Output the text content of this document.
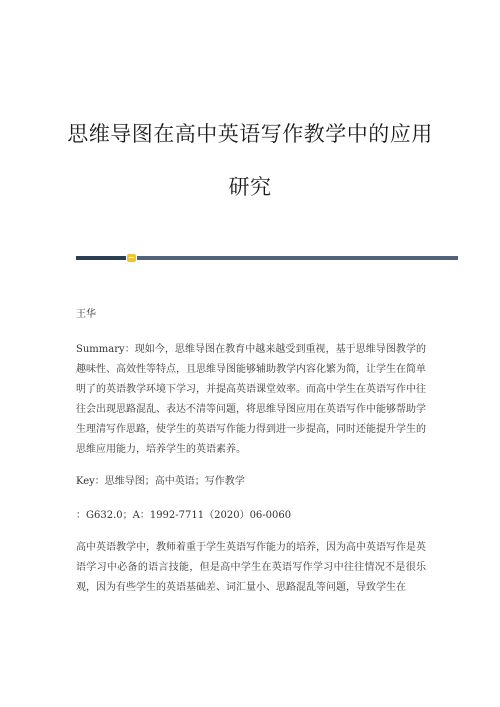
思维导图在高中英语写作教学中的应用
研究

王华

Summary：现如今，思维导图在教育中越来越受到重视，基于思维导图教学的趣味性、高效性等特点，且思维导图能够辅助教学内容化繁为简，让学生在简单明了的英语教学环境下学习，并提高英语课堂效率。而高中学生在英语写作中往往会出现思路混乱、表达不清等问题，将思维导图应用在英语写作中能够帮助学生理清写作思路，使学生的英语写作能力得到进一步提高，同时还能提升学生的思维应用能力，培养学生的英语素养。

Key：思维导图；高中英语；写作教学

：G632.0；A：1992-7711（2020）06-0060

高中英语教学中，教师着重于学生英语写作能力的培养，因为高中英语写作是英语学习中必备的语言技能，但是高中学生在英语写作学习中往往情况不是很乐观，因为有些学生的英语基础差、词汇量小、思路混乱等问题，导致学生在
